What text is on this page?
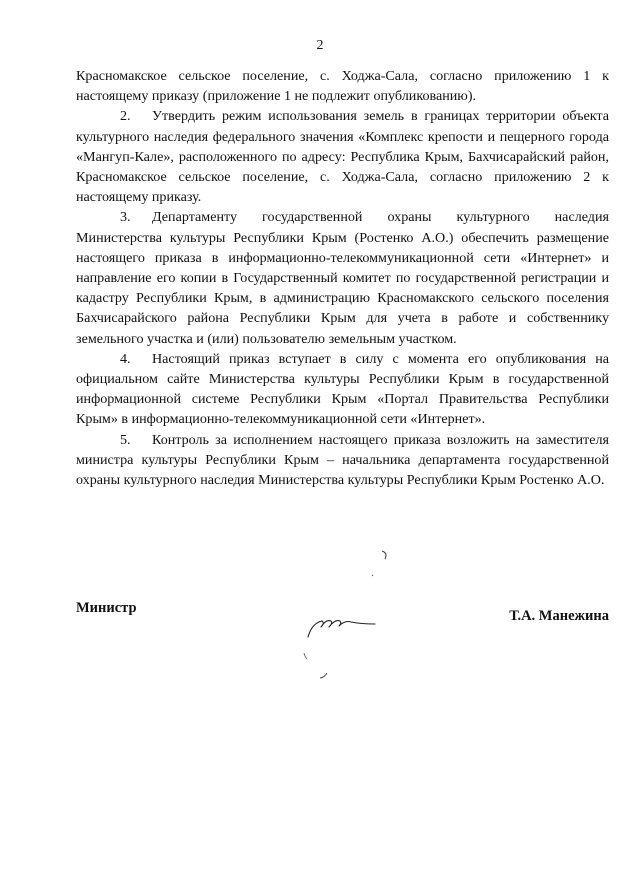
2

Красномакское сельское поселение, с. Ходжа-Сала, согласно приложению 1 к настоящему приказу (приложение 1 не подлежит опубликованию).

2. Утвердить режим использования земель в границах территории объекта культурного наследия федерального значения «Комплекс крепости и пещерного города «Мангуп-Кале», расположенного по адресу: Республика Крым, Бахчисарайский район, Красномакское сельское поселение, с. Ходжа-Сала, согласно приложению 2 к настоящему приказу.

3. Департаменту государственной охраны культурного наследия Министерства культуры Республики Крым (Ростенко А.О.) обеспечить размещение настоящего приказа в информационно-телекоммуникационной сети «Интернет» и направление его копии в Государственный комитет по государственной регистрации и кадастру Республики Крым, в администрацию Красномакского сельского поселения Бахчисарайского района Республики Крым для учета в работе и собственнику земельного участка и (или) пользователю земельным участком.

4. Настоящий приказ вступает в силу с момента его опубликования на официальном сайте Министерства культуры Республики Крым в государственной информационной системе Республики Крым «Портал Правительства Республики Крым» в информационно-телекоммуникационной сети «Интернет».

5. Контроль за исполнением настоящего приказа возложить на заместителя министра культуры Республики Крым – начальника департамента государственной охраны культурного наследия Министерства культуры Республики Крым Ростенко А.О.

Министр	Т.А. Манежина
